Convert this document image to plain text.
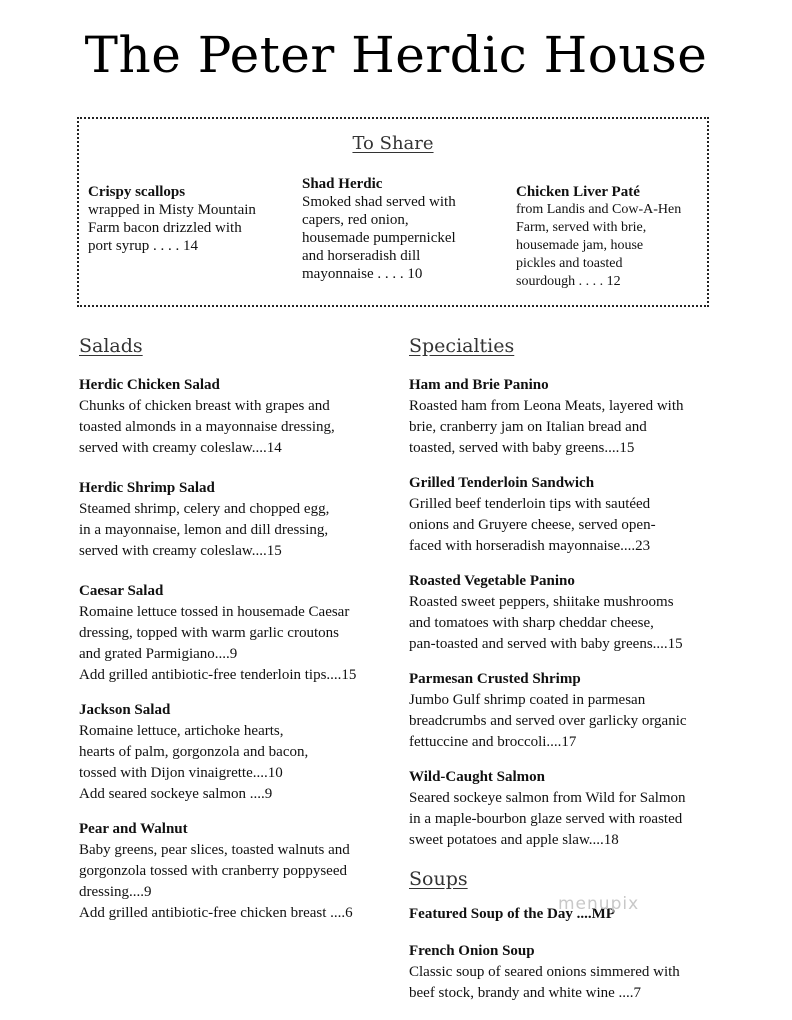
The Peter Herdic House
To Share
Crispy scallops
wrapped in Misty Mountain
Farm bacon drizzled with
port syrup . . . . 14
Shad Herdic
Smoked shad served with
capers, red onion,
housemade pumpernickel
and horseradish dill
mayonnaise . . . . 10
Chicken Liver Paté
from Landis and Cow-A-Hen
Farm, served with brie,
housemade jam, house
pickles and toasted
sourdough . . . . 12
Salads
Herdic Chicken Salad
Chunks of chicken breast with grapes and
toasted almonds in a mayonnaise dressing,
served with creamy coleslaw....14
Herdic Shrimp Salad
Steamed shrimp, celery and chopped egg,
in a mayonnaise, lemon and dill dressing,
served with creamy coleslaw....15
Caesar Salad
Romaine lettuce tossed in housemade Caesar
dressing, topped with warm garlic croutons
and grated Parmigiano....9
Add grilled antibiotic-free tenderloin tips....15
Jackson Salad
Romaine lettuce, artichoke hearts,
hearts of palm, gorgonzola and bacon,
tossed with Dijon vinaigrette....10
Add seared sockeye salmon ....9
Pear and Walnut
Baby greens, pear slices, toasted walnuts and
gorgonzola tossed with cranberry poppyseed
dressing....9
Add grilled antibiotic-free chicken breast ....6
Specialties
Ham and Brie Panino
Roasted ham from Leona Meats, layered with
brie, cranberry jam on Italian bread and
toasted, served with baby greens....15
Grilled Tenderloin Sandwich
Grilled beef tenderloin tips with sautéed
onions and Gruyere cheese, served open-
faced with horseradish mayonnaise....23
Roasted Vegetable Panino
Roasted sweet peppers, shiitake mushrooms
and tomatoes with sharp cheddar cheese,
pan-toasted and served with baby greens....15
Parmesan Crusted Shrimp
Jumbo Gulf shrimp coated in parmesan
breadcrumbs and served over garlicky organic
fettuccine and broccoli....17
Wild-Caught Salmon
Seared sockeye salmon from Wild for Salmon
in a maple-bourbon glaze served with roasted
sweet potatoes and apple slaw....18
Soups
Featured Soup of the Day ....MP
French Onion Soup
Classic soup of seared onions simmered with
beef stock, brandy and white wine ....7
menupix
